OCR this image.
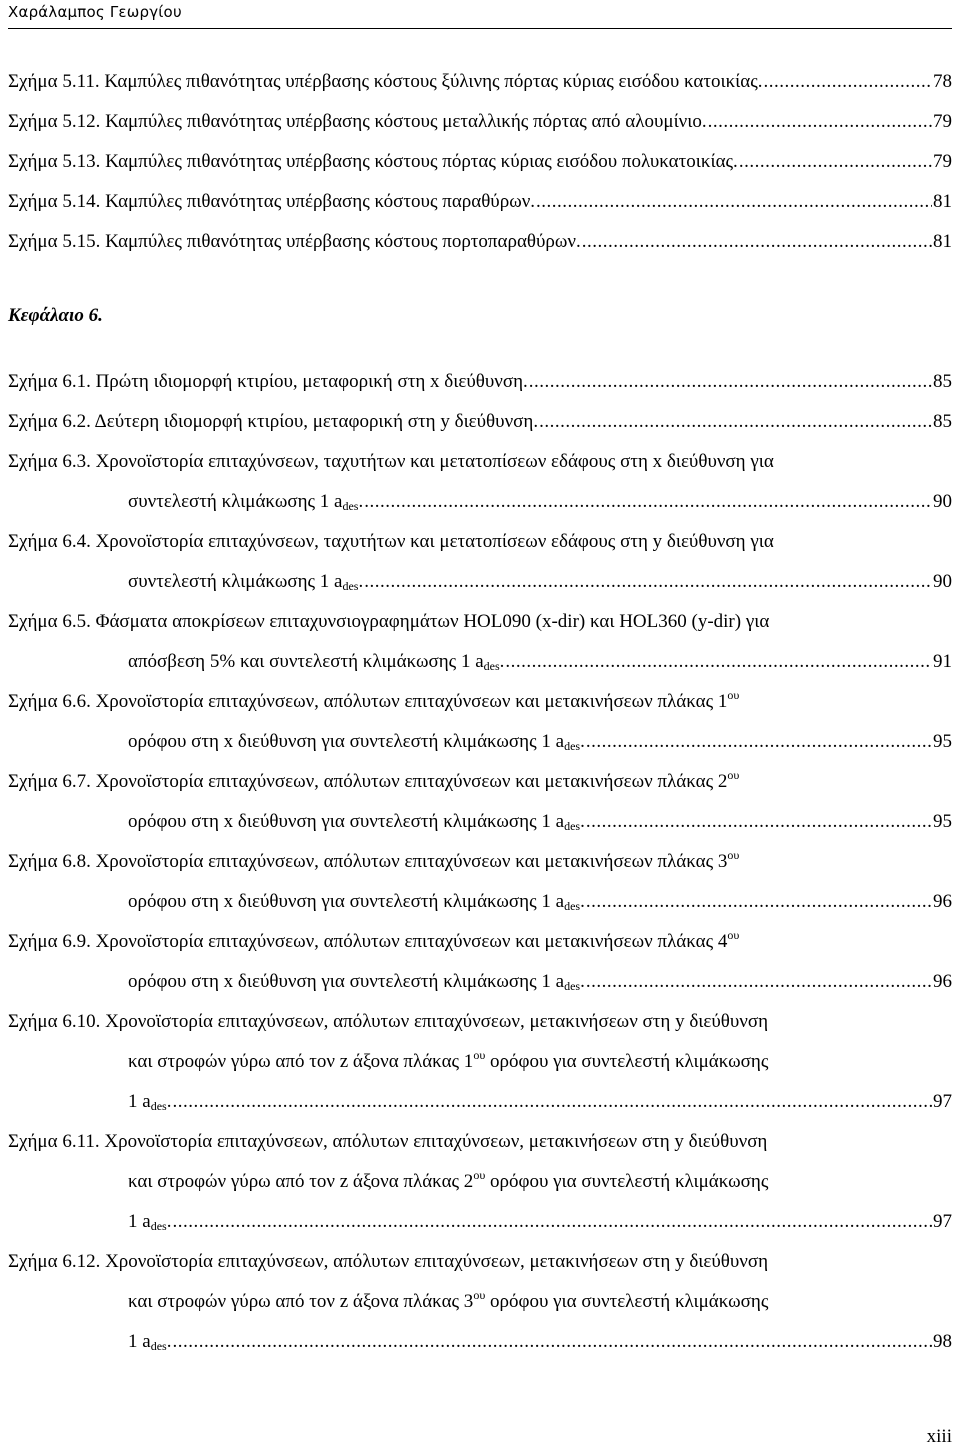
Χαράλαμπος Γεωργίου
Σχήμα 5.11. Καμπύλες πιθανότητας υπέρβασης κόστους ξύλινης πόρτας κύριας εισόδου κατοικίας. .....	78
Σχήμα 5.12. Καμπύλες πιθανότητας υπέρβασης κόστους μεταλλικής πόρτας από αλουμίνιο. .....	79
Σχήμα 5.13. Καμπύλες πιθανότητας υπέρβασης κόστους πόρτας κύριας εισόδου πολυκατοικίας. .....	79
Σχήμα 5.14. Καμπύλες πιθανότητας υπέρβασης κόστους παραθύρων. .....	81
Σχήμα 5.15. Καμπύλες πιθανότητας υπέρβασης κόστους πορτοπαραθύρων. .....	81
Κεφάλαιο 6.
Σχήμα 6.1. Πρώτη ιδιομορφή κτιρίου, μεταφορική στη x διεύθυνση. .....	85
Σχήμα 6.2. Δεύτερη ιδιομορφή κτιρίου, μεταφορική στη y διεύθυνση. .....	85
Σχήμα 6.3. Χρονοϊστορία επιταχύνσεων, ταχυτήτων και μετατοπίσεων εδάφους στη x διεύθυνση για
συντελεστή κλιμάκωσης 1 $a_{des}$. .....	90
Σχήμα 6.4. Χρονοϊστορία επιταχύνσεων, ταχυτήτων και μετατοπίσεων εδάφους στη y διεύθυνση για
συντελεστή κλιμάκωσης 1 $a_{des}$. .....	90
Σχήμα 6.5. Φάσματα αποκρίσεων επιταχυνσιογραφημάτων HOL090 (x-dir) και HOL360 (y-dir) για
απόσβεση 5% και συντελεστή κλιμάκωσης 1 $a_{des}$. .....	91
Σχήμα 6.6. Χρονοϊστορία επιταχύνσεων, απόλυτων επιταχύνσεων και μετακινήσεων πλάκας $1^{o\upsilon}$
ορόφου στη x διεύθυνση για συντελεστή κλιμάκωσης 1 $a_{des}$. .....	95
Σχήμα 6.7. Χρονοϊστορία επιταχύνσεων, απόλυτων επιταχύνσεων και μετακινήσεων πλάκας $2^{o\upsilon}$
ορόφου στη x διεύθυνση για συντελεστή κλιμάκωσης 1 $a_{des}$. .....	95
Σχήμα 6.8. Χρονοϊστορία επιταχύνσεων, απόλυτων επιταχύνσεων και μετακινήσεων πλάκας $3^{o\upsilon}$
ορόφου στη x διεύθυνση για συντελεστή κλιμάκωσης 1 $a_{des}$. .....	96
Σχήμα 6.9. Χρονοϊστορία επιταχύνσεων, απόλυτων επιταχύνσεων και μετακινήσεων πλάκας $4^{o\upsilon}$
ορόφου στη x διεύθυνση για συντελεστή κλιμάκωσης 1 $a_{des}$. .....	96
Σχήμα 6.10. Χρονοϊστορία επιταχύνσεων, απόλυτων επιταχύνσεων, μετακινήσεων στη y διεύθυνση
και στροφών γύρω από τον z άξονα πλάκας $1^{o\upsilon}$ ορόφου για συντελεστή κλιμάκωσης
1 $a_{des}$. .....	97
Σχήμα 6.11. Χρονοϊστορία επιταχύνσεων, απόλυτων επιταχύνσεων, μετακινήσεων στη y διεύθυνση
και στροφών γύρω από τον z άξονα πλάκας $2^{o\upsilon}$ ορόφου για συντελεστή κλιμάκωσης
1 $a_{des}$. .....	97
Σχήμα 6.12. Χρονοϊστορία επιταχύνσεων, απόλυτων επιταχύνσεων, μετακινήσεων στη y διεύθυνση
και στροφών γύρω από τον z άξονα πλάκας $3^{o\upsilon}$ ορόφου για συντελεστή κλιμάκωσης
1 $a_{des}$. .....	98
xiii
